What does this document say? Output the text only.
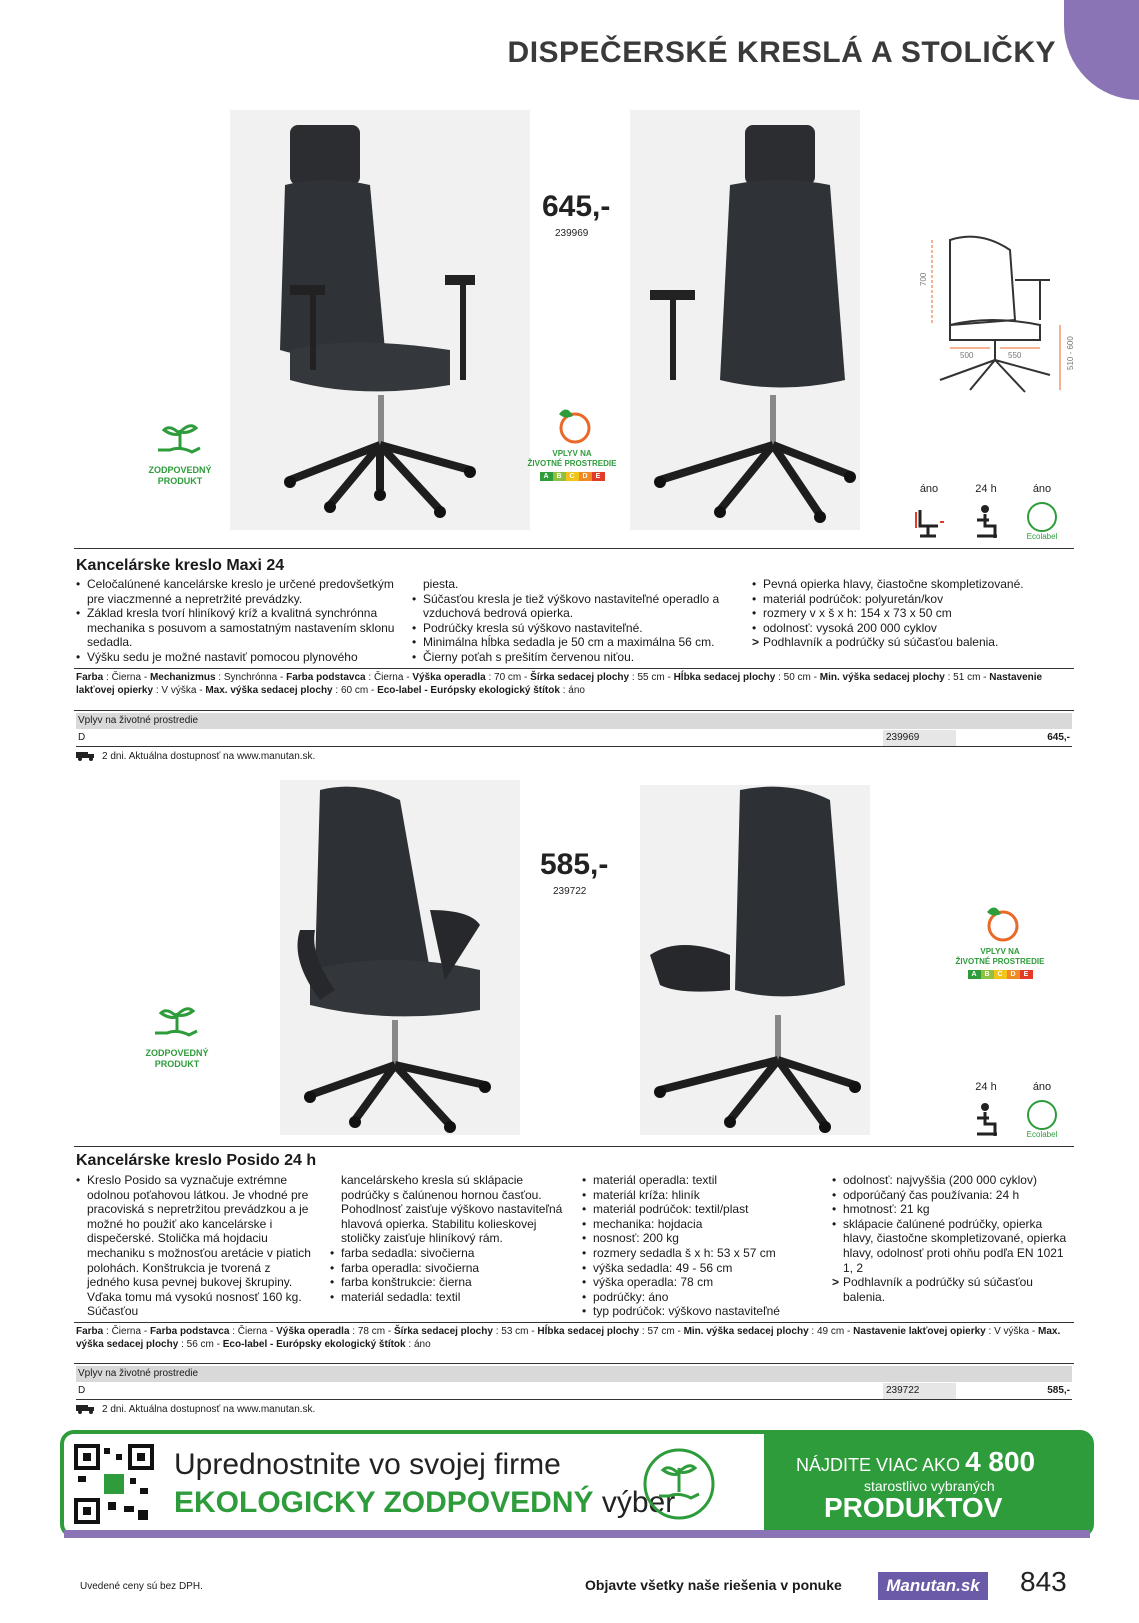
DISPEČERSKÉ KRESLÁ A STOLIČKY
645,-
239969
ZODPOVEDNÝ
PRODUKT
VPLYV NA
ŽIVOTNÉ PROSTREDIE
A	B	C	D	E
700
500	550	510 - 600
áno	24 h	áno
Ecolabel
Kancelárske kreslo Maxi 24
• Celočalúnené kancelárske kreslo je určené predovšetkým pre viaczmenné a nepretržité prevádzky.
• Základ kresla tvorí hliníkový kríž a kvalitná synchrónna mechanika s posuvom a samostatným nastavením sklonu sedadla.
• Výšku sedu je možné nastaviť pomocou plynového
piesta.
• Súčasťou kresla je tiež výškovo nastaviteľné operadlo a vzduchová bedrová opierka.
• Podrúčky kresla sú výškovo nastaviteľné.
• Minimálna hĺbka sedadla je 50 cm a maximálna 56 cm.
• Čierny poťah s prešitím červenou niťou.
• Pevná opierka hlavy, čiastočne skompletizované.
• materiál podrúčok: polyuretán/kov
• rozmery v x š x h: 154 x 73 x 50 cm
• odolnosť: vysoká 200 000 cyklov
> Podhlavník a podrúčky sú súčasťou balenia.
Farba : Čierna - Mechanizmus : Synchrónna - Farba podstavca : Čierna - Výška operadla : 70 cm - Šírka sedacej plochy : 55 cm - Hĺbka sedacej plochy : 50 cm - Min. výška sedacej plochy : 51 cm - Nastavenie lakťovej opierky : V výška - Max. výška sedacej plochy : 60 cm - Eco-label - Európsky ekologický štítok : áno
Vplyv na životné prostredie
D	239969	645,-
2 dni. Aktuálna dostupnosť na www.manutan.sk.
585,-
239722
ZODPOVEDNÝ
PRODUKT
VPLYV NA
ŽIVOTNÉ PROSTREDIE
A	B	C	D	E
24 h	áno
Ecolabel
Kancelárske kreslo Posido 24 h
• Kreslo Posido sa vyznačuje extrémne odolnou poťahovou látkou. Je vhodné pre pracoviská s nepretržitou prevádzkou a je možné ho použiť ako kancelárske i dispečerské. Stolička má hojdaciu mechaniku s možnosťou aretácie v piatich polohách. Konštrukcia je tvorená z jedného kusa pevnej bukovej škrupiny. Vďaka tomu má vysokú nosnosť 160 kg. Súčasťou
kancelárskeho kresla sú sklápacie podrúčky s čalúnenou hornou časťou. Pohodlnosť zaisťuje výškovo nastaviteľná hlavová opierka. Stabilitu kolieskovej stoličky zaisťuje hliníkový rám.
• farba sedadla: sivočierna
• farba operadla: sivočierna
• farba konštrukcie: čierna
• materiál sedadla: textil
• materiál operadla: textil
• materiál kríža: hliník
• materiál podrúčok: textil/plast
• mechanika: hojdacia
• nosnosť: 200 kg
• rozmery sedadla š x h: 53 x 57 cm
• výška sedadla: 49 - 56 cm
• výška operadla: 78 cm
• podrúčky: áno
• typ podrúčok: výškovo nastaviteľné
• odolnosť: najvyššia (200 000 cyklov)
• odporúčaný čas používania: 24 h
• hmotnosť: 21 kg
• sklápacie čalúnené podrúčky, opierka hlavy, čiastočne skompletizované, opierka hlavy, odolnosť proti ohňu podľa EN 1021 1, 2
> Podhlavník a podrúčky sú súčasťou balenia.
Farba : Čierna - Farba podstavca : Čierna - Výška operadla : 78 cm - Šírka sedacej plochy : 53 cm - Hĺbka sedacej plochy : 57 cm - Min. výška sedacej plochy : 49 cm - Nastavenie lakťovej opierky : V výška - Max. výška sedacej plochy : 56 cm - Eco-label - Európsky ekologický štítok : áno
Vplyv na životné prostredie
D	239722	585,-
2 dni. Aktuálna dostupnosť na www.manutan.sk.
Uprednostnite vo svojej firme
EKOLOGICKY ZODPOVEDNÝ výber
NÁJDITE VIAC AKO 4 800
starostlivo vybraných
PRODUKTOV
Uvedené ceny sú bez DPH.	Objavte všetky naše riešenia v ponuke	Manutan.sk 843
